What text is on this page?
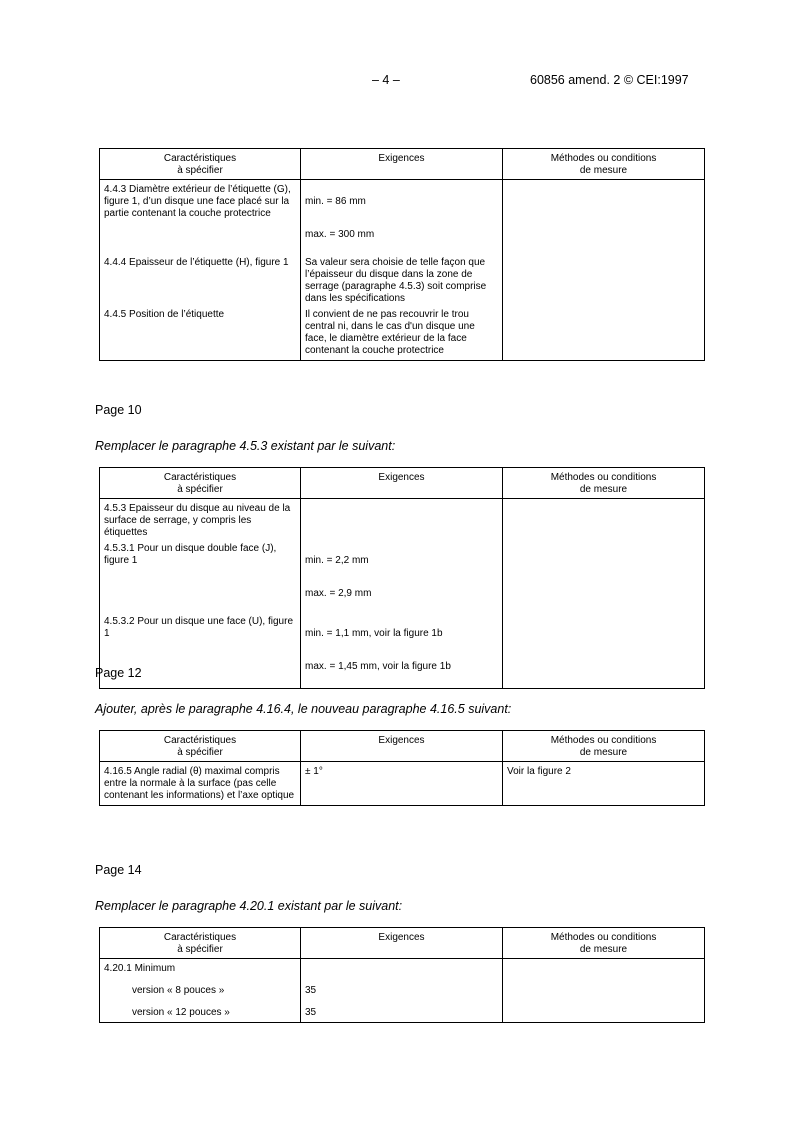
– 4 –	60856 amend. 2 © CEI:1997
Caractéristiques
à spécifier	Exigences	Méthodes ou conditions
de mesure
4.4.3 Diamètre extérieur de l’étiquette (G), figure 1, d’un disque une face placé sur la partie contenant la couche protectrice	min. = 86 mm

max. = 300 mm	

4.4.4 Epaisseur de l’étiquette (H), figure 1	Sa valeur sera choisie de telle façon que l’épaisseur du disque dans la zone de serrage (paragraphe 4.5.3) soit comprise dans les spécifications	
4.4.5 Position de l’étiquette	Il convient de ne pas recouvrir le trou central ni, dans le cas d'un disque une face, le diamètre extérieur de la face contenant la couche protectrice	
Page 10
Remplacer le paragraphe 4.5.3 existant par le suivant:
Caractéristiques
à spécifier	Exigences	Méthodes ou conditions
de mesure
4.5.3 Epaisseur du disque au niveau de la surface de serrage, y compris les étiquettes		
4.5.3.1 Pour un disque double face (J), figure 1	min. = 2,2 mm

max. = 2,9 mm	

4.5.3.2 Pour un disque une face (U), figure 1	min. = 1,1 mm, voir la figure 1b

max. = 1,45 mm, voir la figure 1b	

Page 12
Ajouter, après le paragraphe 4.16.4, le nouveau paragraphe 4.16.5 suivant:
Caractéristiques
à spécifier	Exigences	Méthodes ou conditions
de mesure
4.16.5 Angle radial (θ) maximal compris entre la normale à la surface (pas celle contenant les informations) et l’axe optique	± 1°	Voir la figure 2
Page 14
Remplacer le paragraphe 4.20.1 existant par le suivant:
Caractéristiques
à spécifier	Exigences	Méthodes ou conditions
de mesure
4.20.1 Minimum		
version « 8 pouces »	35	
version « 12 pouces »	35	
